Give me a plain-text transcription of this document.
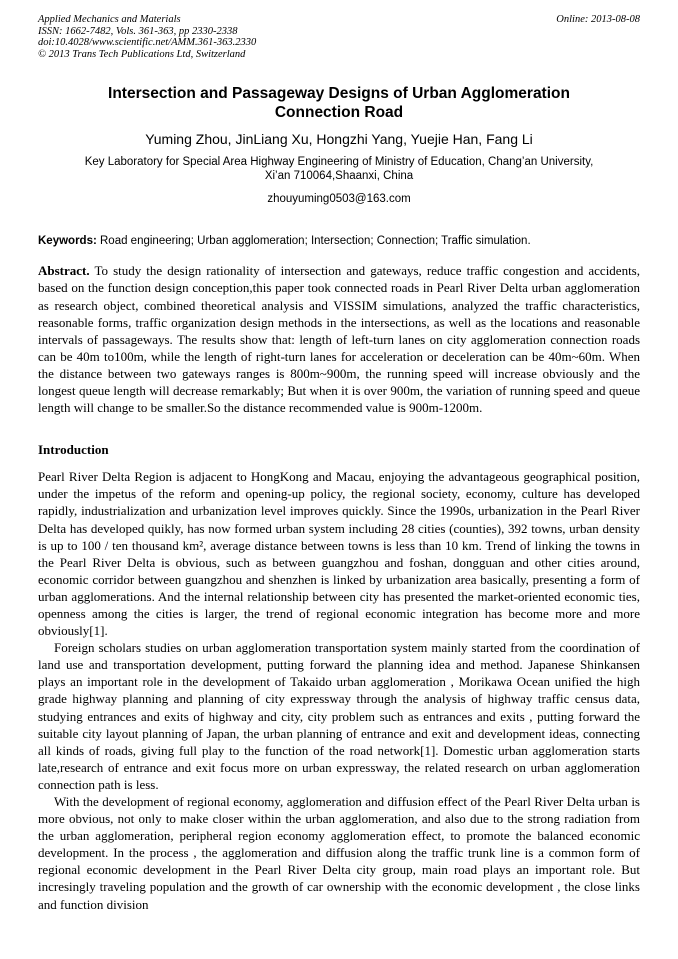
Applied Mechanics and Materials
ISSN: 1662-7482, Vols. 361-363, pp 2330-2338
doi:10.4028/www.scientific.net/AMM.361-363.2330
© 2013 Trans Tech Publications Ltd, Switzerland
Online: 2013-08-08
Intersection and Passageway Designs of Urban Agglomeration
Connection Road
Yuming Zhou, JinLiang Xu, Hongzhi Yang, Yuejie Han, Fang Li
Key Laboratory for Special Area Highway Engineering of Ministry of Education, Chang’an University,
Xi’an 710064,Shaanxi, China
zhouyuming0503@163.com
Keywords: Road engineering; Urban agglomeration; Intersection; Connection; Traffic simulation.

Abstract. To study the design rationality of intersection and gateways, reduce traffic congestion and accidents, based on the function design conception,this paper took connected roads in Pearl River Delta urban agglomeration as research object, combined theoretical analysis and VISSIM simulations, analyzed the traffic characteristics, reasonable forms, traffic organization design methods in the intersections, as well as the locations and reasonable intervals of passageways. The results show that: length of left-turn lanes on city agglomeration connection roads can be 40m to100m, while the length of right-turn lanes for acceleration or deceleration can be 40m~60m. When the distance between two gateways ranges is 800m~900m, the running speed will increase obviously and the longest queue length will decrease remarkably; But when it is over 900m, the variation of running speed and queue length will change to be smaller.So the distance recommended value is 900m-1200m.

Introduction

Pearl River Delta Region is adjacent to HongKong and Macau, enjoying the advantageous geographical position, under the impetus of the reform and opening-up policy, the regional society, economy, culture has developed rapidly, industrialization and urbanization level improves quickly. Since the 1990s, urbanization in the Pearl River Delta has developed quikly, has now formed urban system including 28 cities (counties), 392 towns, urban density is up to 100 / ten thousand km², average distance between towns is less than 10 km. Trend of linking the towns in the Pearl River Delta is obvious, such as between guangzhou and foshan, dongguan and other cities around, economic corridor between guangzhou and shenzhen is linked by urbanization area basically, presenting a form of urban agglomerations. And the internal relationship between city has presented the market-oriented economic ties, openness among the cities is larger, the trend of regional economic integration has become more and more obviously[1].

Foreign scholars studies on urban agglomeration transportation system mainly started from the coordination of land use and transportation development, putting forward the planning idea and method. Japanese Shinkansen plays an important role in the development of Takaido urban agglomeration , Morikawa Ocean unified the high grade highway planning and planning of city expressway through the analysis of highway traffic census data, studying entrances and exits of highway and city, city problem such as entrances and exits , putting forward the suitable city layout planning of Japan, the urban planning of entrance and exit and development ideas, connecting all kinds of roads, giving full play to the function of the road network[1]. Domestic urban agglomeration starts late,research of entrance and exit focus more on urban expressway, the related research on urban agglomeration connection path is less.

With the development of regional economy, agglomeration and diffusion effect of the Pearl River Delta urban is more obvious, not only to make closer within the urban agglomeration, and also due to the strong radiation from the urban agglomeration, peripheral region economy agglomeration effect, to promote the balanced economic development. In the process , the agglomeration and diffusion along the traffic trunk line is a common form of regional economic development in the Pearl River Delta city group, main road plays an important role. But incresingly traveling population and the growth of car ownership with the economic development , the close links and function division
